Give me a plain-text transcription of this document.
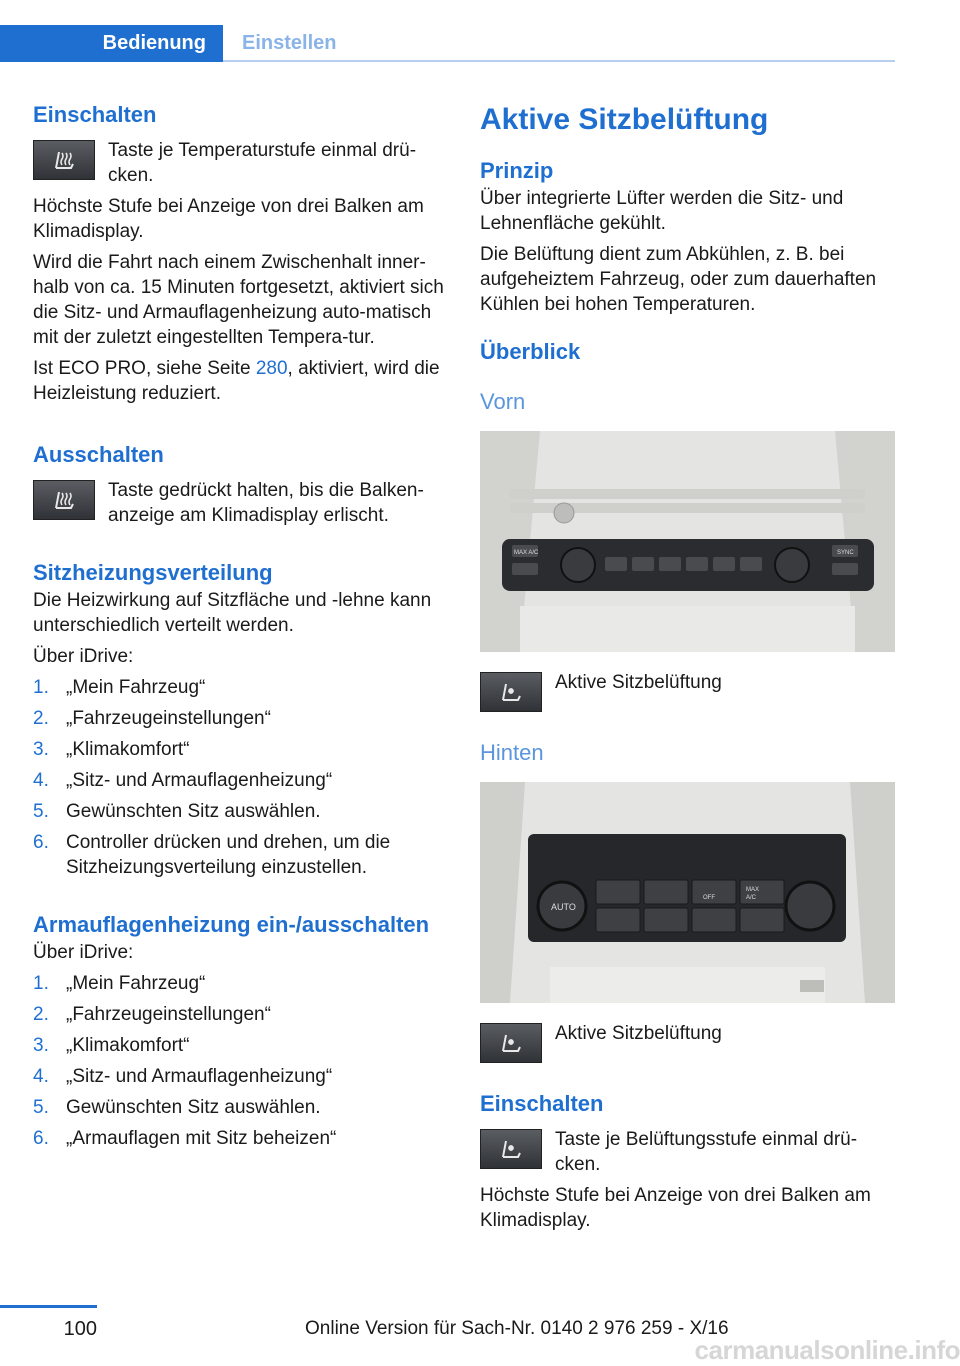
Bedienung	Einstellen
Einschalten

Taste je Temperaturstufe einmal drü-cken.

Höchste Stufe bei Anzeige von drei Balken am Klimadisplay.

Wird die Fahrt nach einem Zwischenhalt inner-halb von ca. 15 Minuten fortgesetzt, aktiviert sich die Sitz- und Armauflagenheizung auto-matisch mit der zuletzt eingestellten Tempera-tur.

Ist ECO PRO, siehe Seite 280, aktiviert, wird die Heizleistung reduziert.

Ausschalten

Taste gedrückt halten, bis die Balken-anzeige am Klimadisplay erlischt.

Sitzheizungsverteilung

Die Heizwirkung auf Sitzfläche und -lehne kann unterschiedlich verteilt werden.

Über iDrive:

1. „Mein Fahrzeug“
2. „Fahrzeugeinstellungen“
3. „Klimakomfort“
4. „Sitz- und Armauflagenheizung“
5. Gewünschten Sitz auswählen.
6. Controller drücken und drehen, um die Sitzheizungsverteilung einzustellen.
Armauflagenheizung ein-/ausschalten

Über iDrive:

1. „Mein Fahrzeug“
2. „Fahrzeugeinstellungen“
3. „Klimakomfort“
4. „Sitz- und Armauflagenheizung“
5. Gewünschten Sitz auswählen.
6. „Armauflagen mit Sitz beheizen“
Aktive Sitzbelüftung
Prinzip

Über integrierte Lüfter werden die Sitz- und Lehnenfläche gekühlt.

Die Belüftung dient zum Abkühlen, z. B. bei aufgeheiztem Fahrzeug, oder zum dauerhaften Kühlen bei hohen Temperaturen.

Überblick
Vorn
MAX A/C	SYNC

Aktive Sitzbelüftung

Hinten
AUTO
OFF
MAX
A/C

Aktive Sitzbelüftung

Einschalten

Taste je Belüftungsstufe einmal drü-cken.

Höchste Stufe bei Anzeige von drei Balken am Klimadisplay.

100	Online Version für Sach-Nr. 0140 2 976 259 - X/16
carmanualsonline.info
